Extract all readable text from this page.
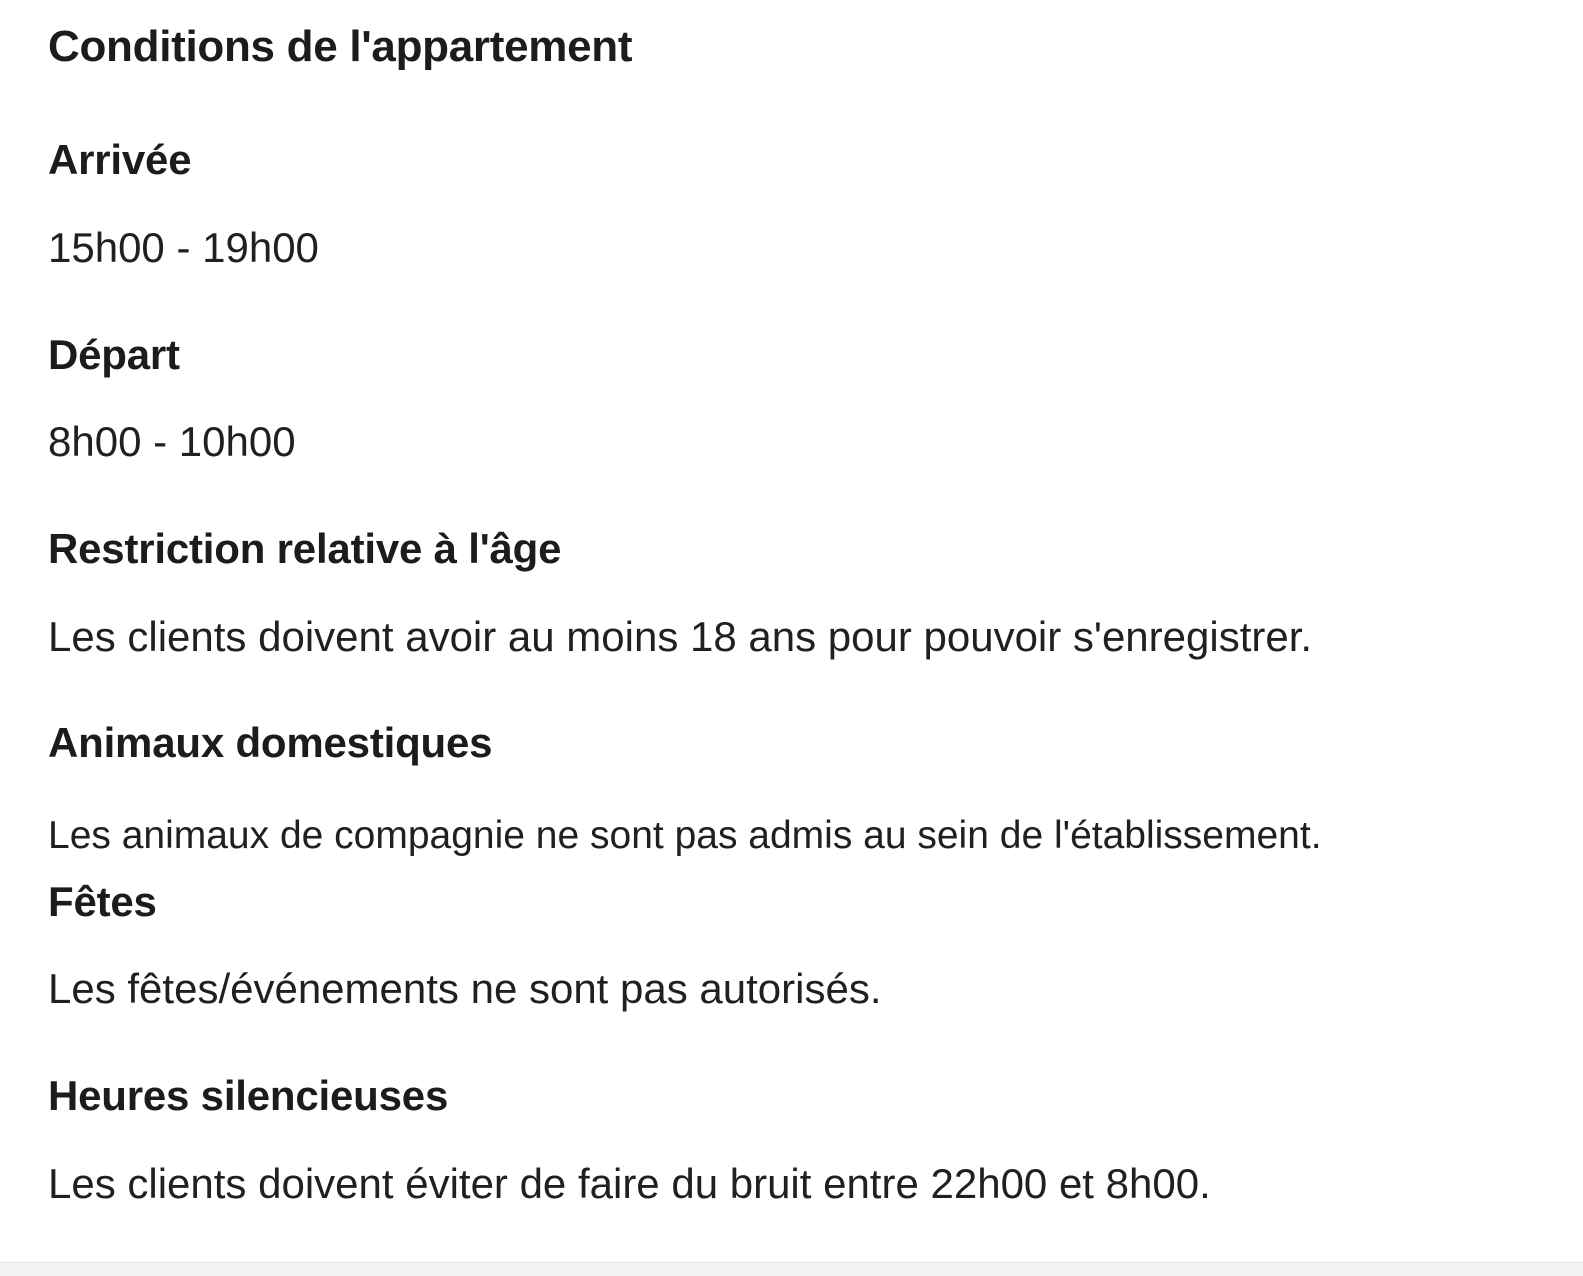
Conditions de l'appartement
Arrivée
15h00 - 19h00
Départ
8h00 - 10h00
Restriction relative à l'âge
Les clients doivent avoir au moins 18 ans pour pouvoir s'enregistrer.
Animaux domestiques
Les animaux de compagnie ne sont pas admis au sein de l'établissement.
Fêtes
Les fêtes/événements ne sont pas autorisés.
Heures silencieuses
Les clients doivent éviter de faire du bruit entre 22h00 et 8h00.
